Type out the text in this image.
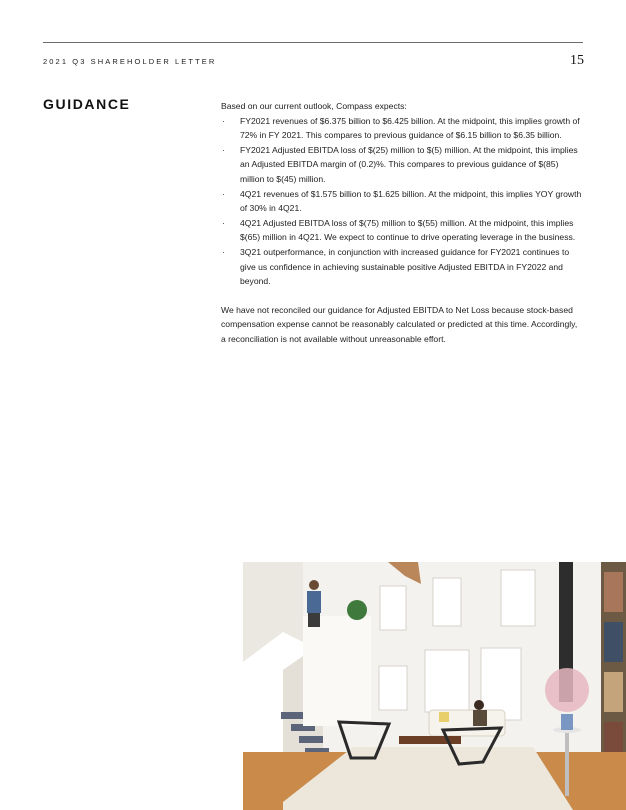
2021 Q3 SHAREHOLDER LETTER	15
GUIDANCE	Based on our current outlook, Compass expects:

· FY2021 revenues of $6.375 billion to $6.425 billion. At the midpoint, this implies growth of 72% in FY 2021. This compares to previous guidance of $6.15 billion to $6.35 billion.
· FY2021 Adjusted EBITDA loss of $(25) million to $(5) million. At the midpoint, this implies an Adjusted EBITDA margin of (0.2)%. This compares to previous guidance of $(85) million to $(45) million.
· 4Q21 revenues of $1.575 billion to $1.625 billion. At the midpoint, this implies YOY growth of 30% in 4Q21.
· 4Q21 Adjusted EBITDA loss of $(75) million to $(55) million. At the midpoint, this implies $(65) million in 4Q21. We expect to continue to drive operating leverage in the business.
· 3Q21 outperformance, in conjunction with increased guidance for FY2021 continues to give us confidence in achieving sustainable positive Adjusted EBITDA in FY2022 and beyond.

We have not reconciled our guidance for Adjusted EBITDA to Net Loss because stock-based compensation expense cannot be reasonably calculated or predicted at this time. Accordingly, a reconciliation is not available without unreasonable effort.
